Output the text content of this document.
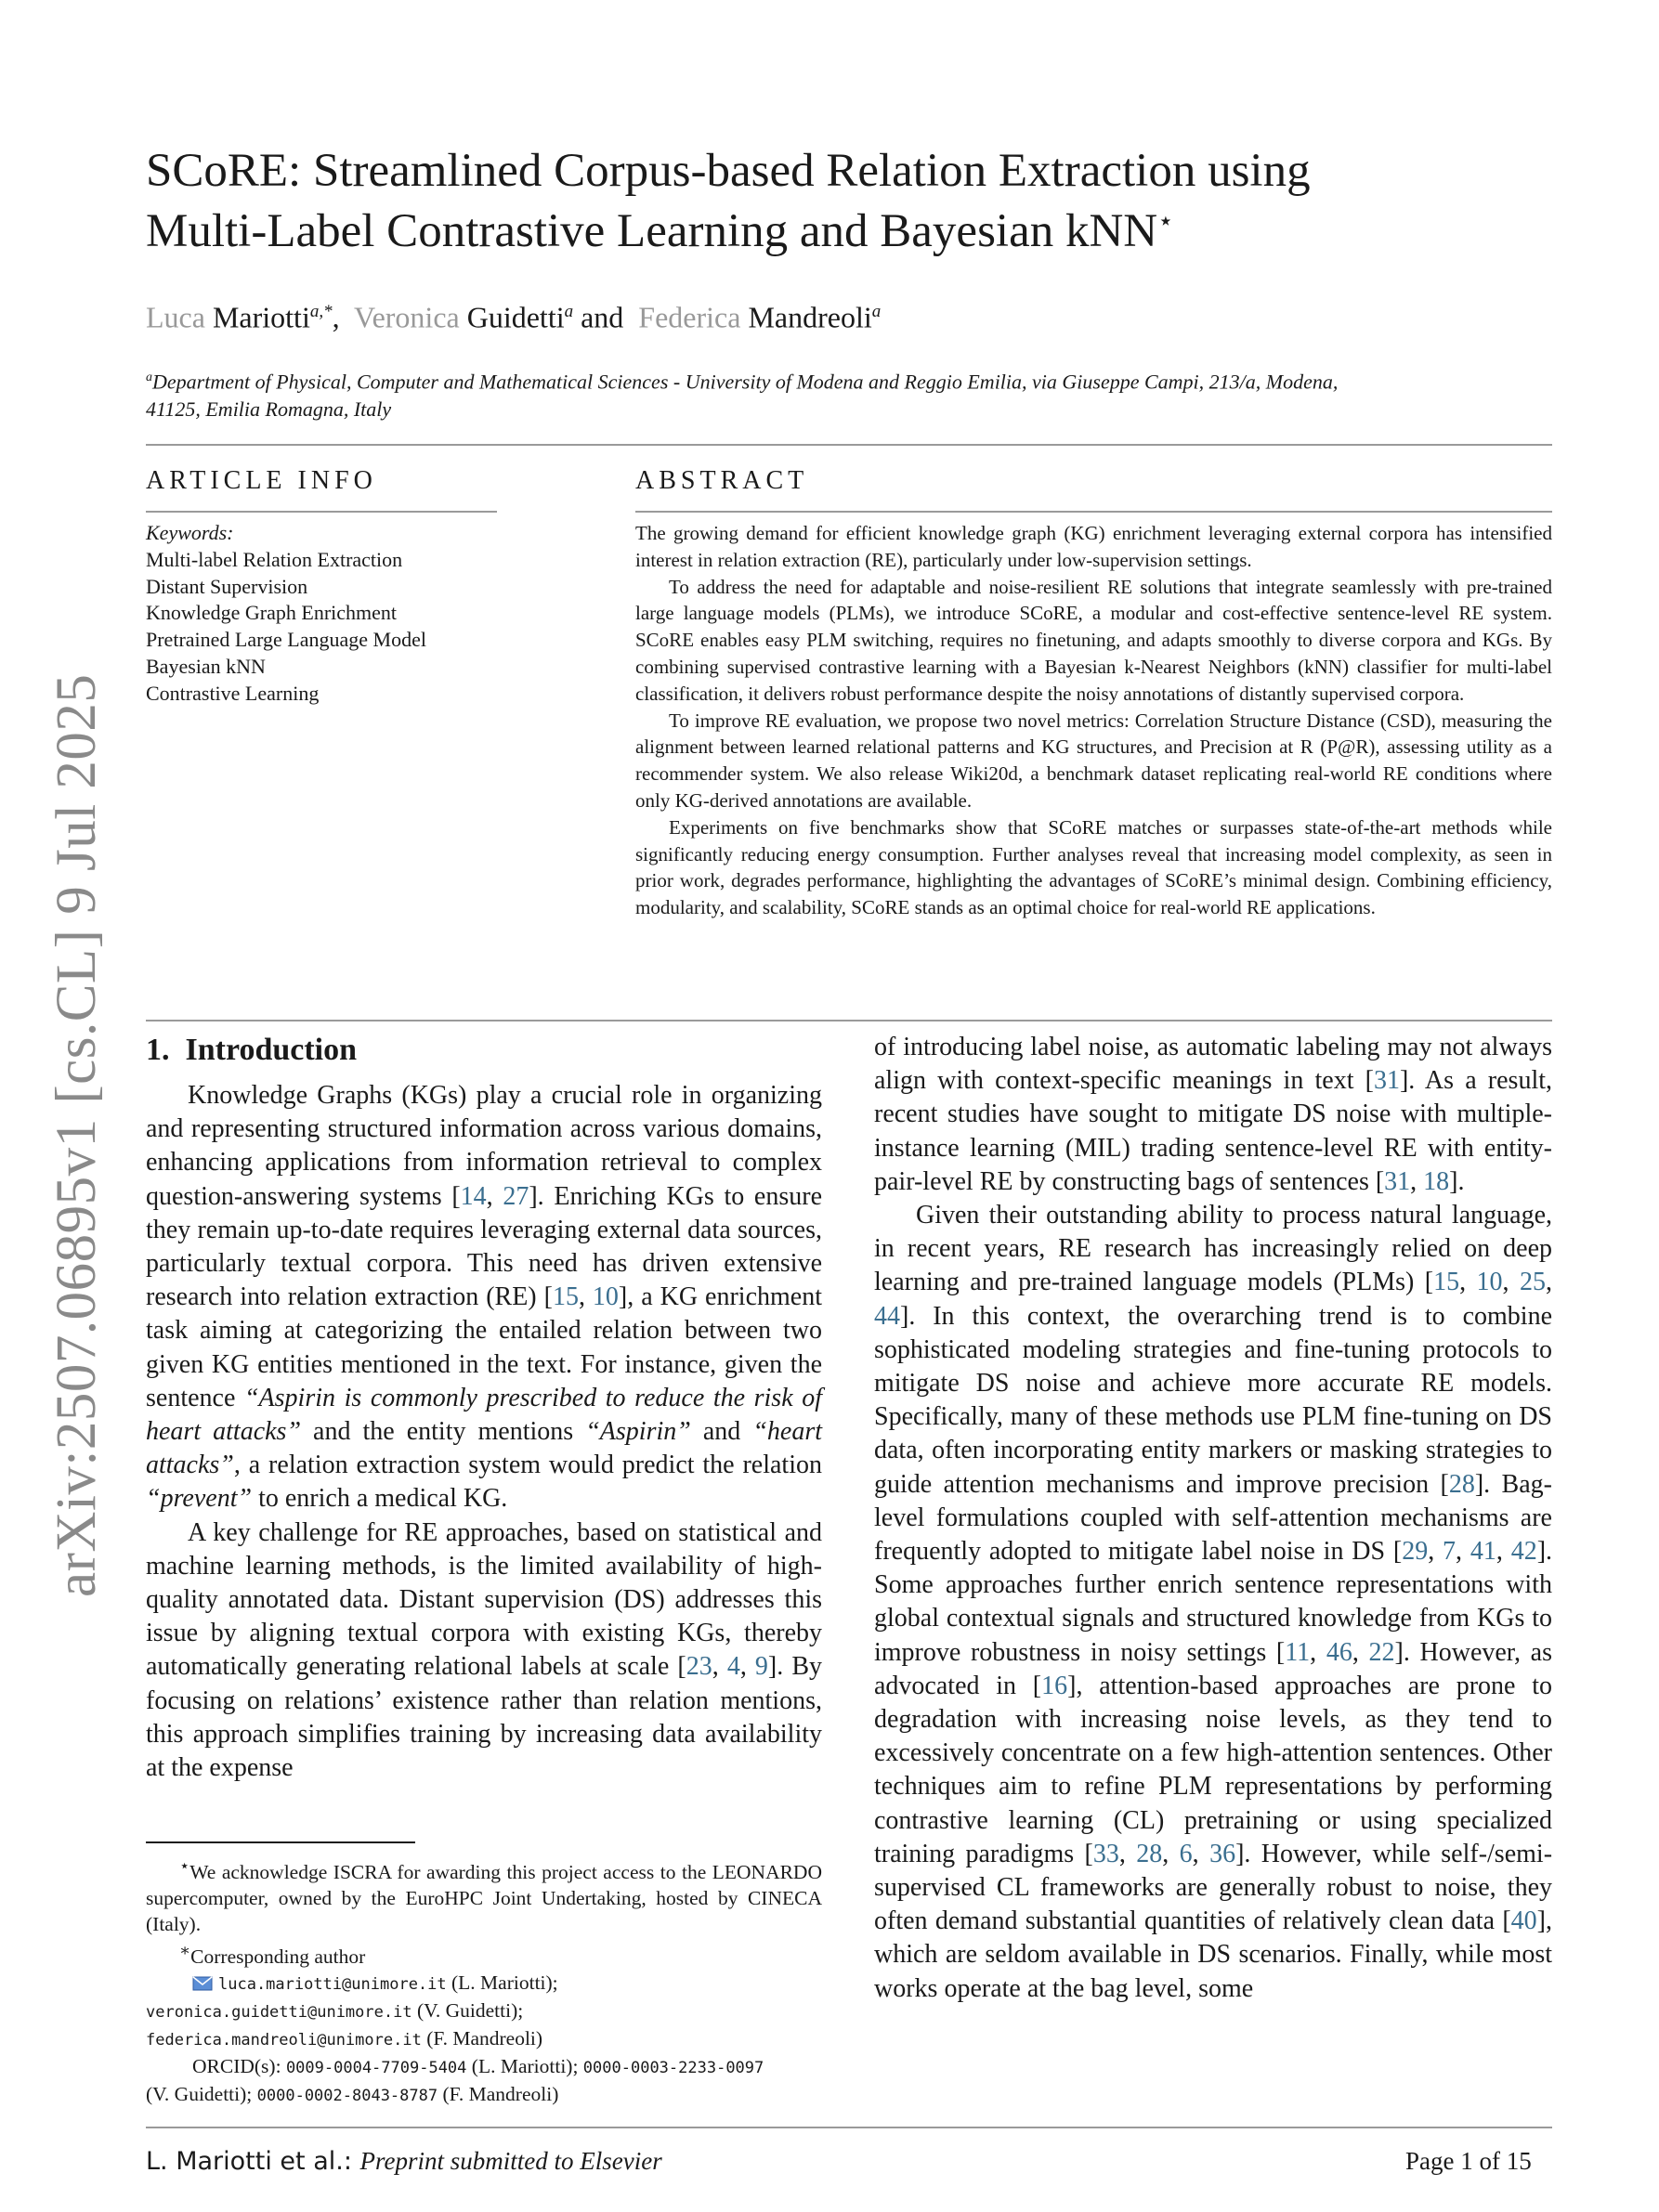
SCoRE: Streamlined Corpus-based Relation Extraction using
Multi-Label Contrastive Learning and Bayesian kNN⋆
Luca Mariotti$^{a,*}$,  Veronica Guidetti$^a$ and Federica Mandreoli$^a$
$^a$Department of Physical, Computer and Mathematical Sciences - University of Modena and Reggio Emilia, via Giuseppe Campi, 213/a, Modena, 41125, Emilia Romagna, Italy
arXiv:2507.06895v1 [cs.CL] 9 Jul 2025
ARTICLE INFO
Keywords:
Multi-label Relation Extraction
Distant Supervision
Knowledge Graph Enrichment
Pretrained Large Language Model
Bayesian kNN
Contrastive Learning
ABSTRACT

The growing demand for efficient knowledge graph (KG) enrichment leveraging external corpora has intensified interest in relation extraction (RE), particularly under low-supervision settings.

To address the need for adaptable and noise-resilient RE solutions that integrate seamlessly with pre-trained large language models (PLMs), we introduce SCoRE, a modular and cost-effective sentence-level RE system. SCoRE enables easy PLM switching, requires no finetuning, and adapts smoothly to diverse corpora and KGs. By combining supervised contrastive learning with a Bayesian k-Nearest Neighbors (kNN) classifier for multi-label classification, it delivers robust performance despite the noisy annotations of distantly supervised corpora.

To improve RE evaluation, we propose two novel metrics: Correlation Structure Distance (CSD), measuring the alignment between learned relational patterns and KG structures, and Precision at R (P@R), assessing utility as a recommender system. We also release Wiki20d, a benchmark dataset replicating real-world RE conditions where only KG-derived annotations are available.

Experiments on five benchmarks show that SCoRE matches or surpasses state-of-the-art methods while significantly reducing energy consumption. Further analyses reveal that increasing model complexity, as seen in prior work, degrades performance, highlighting the advantages of SCoRE’s minimal design. Combining efficiency, modularity, and scalability, SCoRE stands as an optimal choice for real-world RE applications.

1. Introduction

Knowledge Graphs (KGs) play a crucial role in organizing and representing structured information across various domains, enhancing applications from information retrieval to complex question-answering systems [14, 27]. Enriching KGs to ensure they remain up-to-date requires leveraging external data sources, particularly textual corpora. This need has driven extensive research into relation extraction (RE) [15, 10], a KG enrichment task aiming at categorizing the entailed relation between two given KG entities mentioned in the text. For instance, given the sentence “Aspirin is commonly prescribed to reduce the risk of heart attacks” and the entity mentions “Aspirin” and “heart attacks”, a relation extraction system would predict the relation “prevent” to enrich a medical KG.

A key challenge for RE approaches, based on statistical and machine learning methods, is the limited availability of high-quality annotated data. Distant supervision (DS) addresses this issue by aligning textual corpora with existing KGs, thereby automatically generating relational labels at scale [23, 4, 9]. By focusing on relations’ existence rather than relation mentions, this approach simplifies training by increasing data availability at the expense

⋆We acknowledge ISCRA for awarding this project access to the LEONARDO supercomputer, owned by the EuroHPC Joint Undertaking, hosted by CINECA (Italy).

∗Corresponding author

luca.mariotti@unimore.it (L. Mariotti);
veronica.guidetti@unimore.it (V. Guidetti);
federica.mandreoli@unimore.it (F. Mandreoli)

ORCID(s): 0009-0004-7709-5404 (L. Mariotti); 0000-0003-2233-0097
(V. Guidetti); 0000-0002-8043-8787 (F. Mandreoli)

of introducing label noise, as automatic labeling may not always align with context-specific meanings in text [31]. As a result, recent studies have sought to mitigate DS noise with multiple-instance learning (MIL) trading sentence-level RE with entity-pair-level RE by constructing bags of sentences [31, 18].

Given their outstanding ability to process natural language, in recent years, RE research has increasingly relied on deep learning and pre-trained language models (PLMs) [15, 10, 25, 44]. In this context, the overarching trend is to combine sophisticated modeling strategies and fine-tuning protocols to mitigate DS noise and achieve more accurate RE models. Specifically, many of these methods use PLM fine-tuning on DS data, often incorporating entity markers or masking strategies to guide attention mechanisms and improve precision [28]. Bag-level formulations coupled with self-attention mechanisms are frequently adopted to mitigate label noise in DS [29, 7, 41, 42]. Some approaches further enrich sentence representations with global contextual signals and structured knowledge from KGs to improve robustness in noisy settings [11, 46, 22]. However, as advocated in [16], attention-based approaches are prone to degradation with increasing noise levels, as they tend to excessively concentrate on a few high-attention sentences. Other techniques aim to refine PLM representations by performing contrastive learning (CL) pretraining or using specialized training paradigms [33, 28, 6, 36]. However, while self-/semi-supervised CL frameworks are generally robust to noise, they often demand substantial quantities of relatively clean data [40], which are seldom available in DS scenarios. Finally, while most works operate at the bag level, some

L. Mariotti et al.: Preprint submitted to Elsevier	Page 1 of 15
